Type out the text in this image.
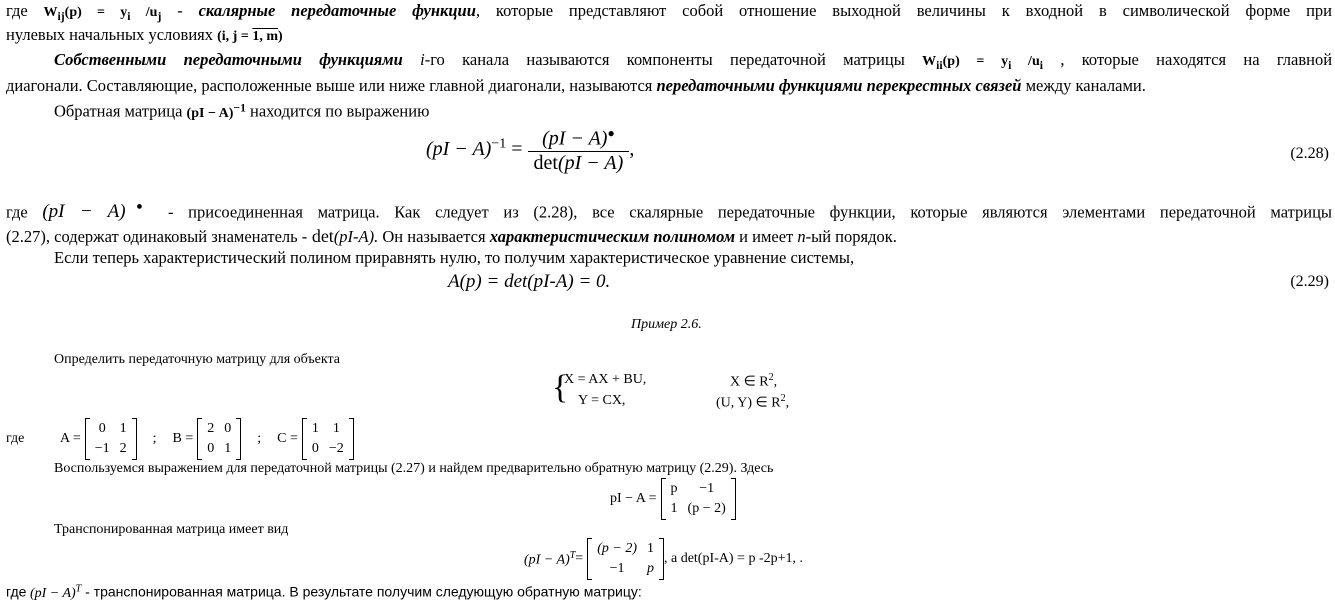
где $W_{ij}(p) = y_i$ $/u_j$ - скалярные передаточные функции, которые представляют собой отношение выходной величины к входной в символической форме при
нулевых начальных условиях (i, j = 1, m)
Собственными передаточными функциями i-го канала называются компоненты передаточной матрицы $W_{ii}(p) = y_i$ $/u_i$ , которые находятся на главной
диагонали. Составляющие, расположенные выше или ниже главной диагонали, называются передаточными функциями перекрестных связей между каналами.
Обратная матрица (pI − A)$^{-1}$ находится по выражению
$(pI - A)^{-1} = \frac{(pI - A)^●}{\det(pI - A)}$ ,	(2.28)
где (pI − A)● - присоединенная матрица. Как следует из (2.28), все скалярные передаточные функции, которые являются элементами передаточной матрицы
(2.27), содержат одинаковый знаменатель - det(pI-A). Он называется характеристическим полиномом и имеет n-ый порядок.
Если теперь характеристический полином приравнять нулю, то получим характеристическое уравнение системы,
A(p) = det(pI-A) = 0.	(2.29)
Пример 2.6.
Определить передаточную матрицу для объекта
{
X = AX + BU,
Y = CX,
X ∈ $R^2$,
(U, Y) ∈ $R^2$,
где	A =
0	1
−1	2
; B =
2	0
0	1
; C =
1	1
0	−2
Воспользуемся выражением для передаточной матрицы (2.27) и найдем предварительно обратную матрицу (2.29). Здесь
pI − A =
p	−1
1	(p − 2)
Транспонированная матрица имеет вид
(pI − A)$^T$ =
(p − 2)	1
−1	p
, a det(pI-A) = p -2p+1, .
где (pI − A)$^T$ - транспонированная матрица. В результате получим следующую обратную матрицу:
